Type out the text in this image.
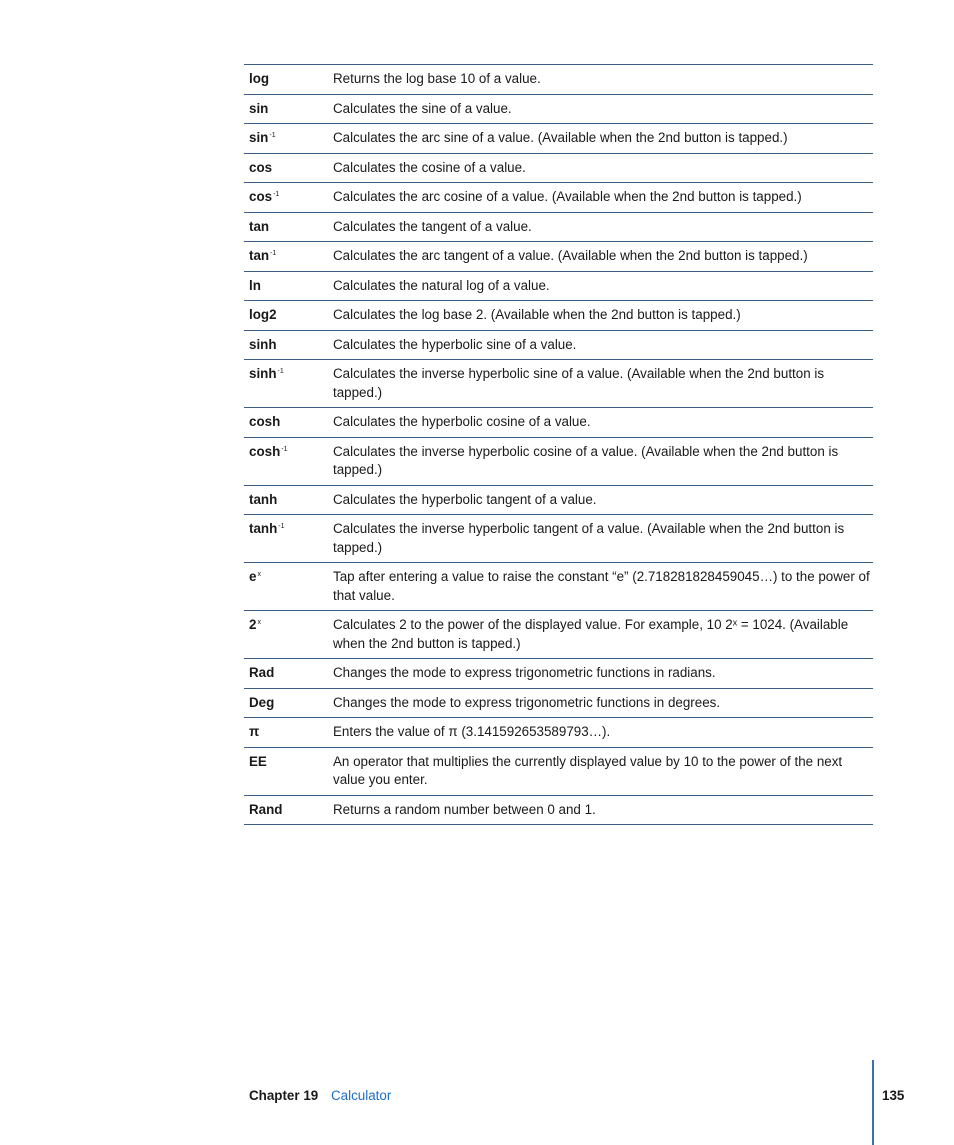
log	Returns the log base 10 of a value.
sin	Calculates the sine of a value.
$\sin^{-1}$	Calculates the arc sine of a value. (Available when the 2nd button is tapped.)
cos	Calculates the cosine of a value.
$\cos^{-1}$	Calculates the arc cosine of a value. (Available when the 2nd button is tapped.)
tan	Calculates the tangent of a value.
$\tan^{-1}$	Calculates the arc tangent of a value. (Available when the 2nd button is tapped.)
ln	Calculates the natural log of a value.
log2	Calculates the log base 2. (Available when the 2nd button is tapped.)
sinh	Calculates the hyperbolic sine of a value.
$\sinh^{-1}$	Calculates the inverse hyperbolic sine of a value. (Available when the 2nd button is tapped.)
cosh	Calculates the hyperbolic cosine of a value.
$\cosh^{-1}$	Calculates the inverse hyperbolic cosine of a value. (Available when the 2nd button is tapped.)
tanh	Calculates the hyperbolic tangent of a value.
$\tanh^{-1}$	Calculates the inverse hyperbolic tangent of a value. (Available when the 2nd button is tapped.)
$e^x$	Tap after entering a value to raise the constant “e” (2.718281828459045…) to the power of that value.
2$^x$	Calculates 2 to the power of the displayed value. For example, 10 2ˣ = 1024. (Available when the 2nd button is tapped.)
Rad	Changes the mode to express trigonometric functions in radians.
Deg	Changes the mode to express trigonometric functions in degrees.
π	Enters the value of π (3.141592653589793…).
EE	An operator that multiplies the currently displayed value by 10 to the power of the next value you enter.
Rand	Returns a random number between 0 and 1.
Chapter 19 Calculator	135
